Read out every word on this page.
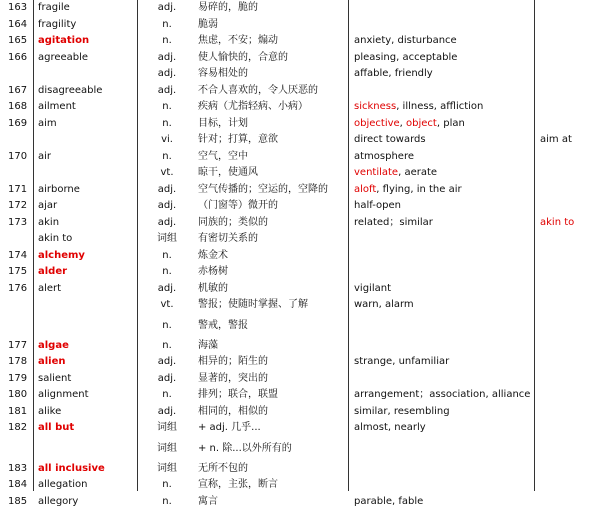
163 fragile	adj.	易碎的，脆的
164 fragility	n.	脆弱
165 agitation	n.	焦虑，不安；煽动	anxiety, disturbance
166 agreeable	adj.	使人愉快的，合意的	pleasing, acceptable
adj.	容易相处的	affable, friendly
167 disagreeable	adj.	不合人喜欢的，令人厌恶的
168 ailment	n.	疾病（尤指轻病、小病）	sickness, illness, affliction
169 aim	n.	目标，计划	objective, object, plan
vi.	针对；打算，意欲	direct towards	aim at
170 air	n.	空气，空中	atmosphere
vt.	晾干，使通风	ventilate, aerate
171 airborne	adj.	空气传播的；空运的，空降的	aloft, flying, in the air
172 ajar	adj.	（门窗等）微开的	half-open
173 akin	adj.	同族的；类似的	related；similar	akin to
akin to	词组	有密切关系的
174 alchemy	n.	炼金术
175 alder	n.	赤杨树
176 alert	adj.	机敏的	vigilant
vt.	警报；使随时掌握、了解	warn, alarm
n.	警戒，警报
177 algae	n.	海藻
178 alien	adj.	相异的；陌生的	strange, unfamiliar
179 salient	adj.	显著的，突出的
180 alignment	n.	排列；联合，联盟	arrangement；association, alliance
181 alike	adj.	相同的，相似的	similar, resembling
182 all but	词组	+ adj. 几乎...	almost, nearly
词组	+ n. 除...以外所有的
183 all inclusive	词组	无所不包的
184 allegation	n.	宣称，主张，断言
185 allegory	n.	寓言	parable, fable
